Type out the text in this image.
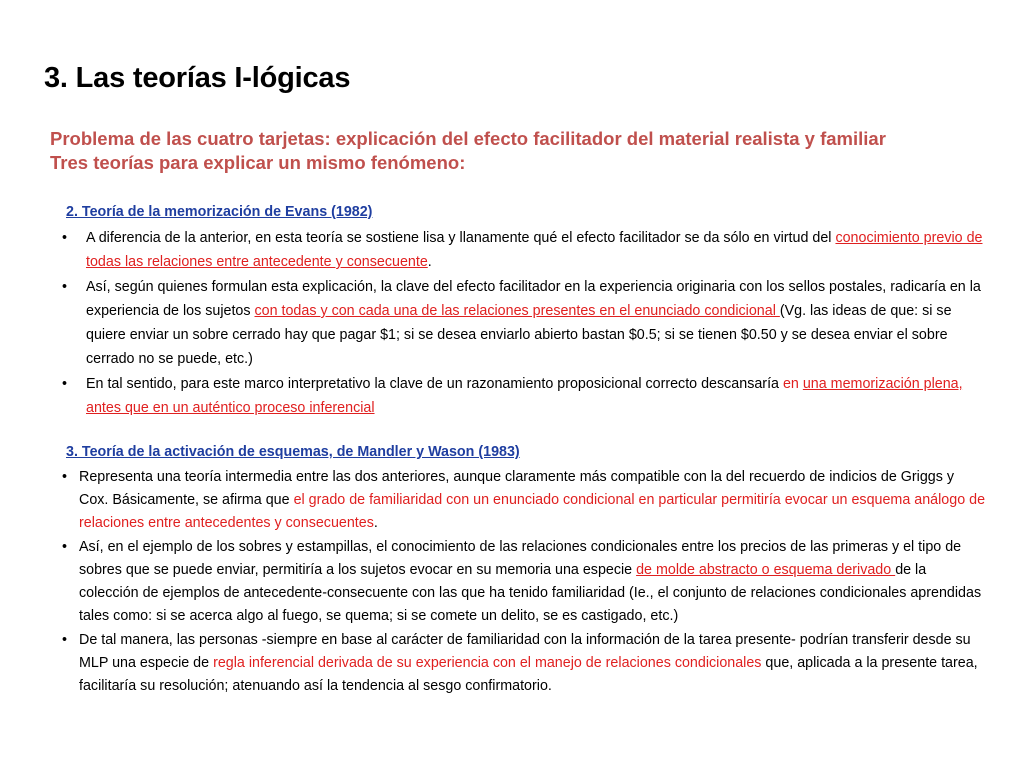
3. Las teorías I-lógicas
Problema de las cuatro tarjetas: explicación del efecto facilitador del material realista y familiar
Tres teorías para explicar un mismo fenómeno:

2. Teoría de la memorización de Evans (1982)

• A diferencia de la anterior, en esta teoría se sostiene lisa y llanamente qué el efecto facilitador se da sólo en virtud del conocimiento previo de todas las relaciones entre antecedente y consecuente.
• Así, según quienes formulan esta explicación, la clave del efecto facilitador en la experiencia originaria con los sellos postales, radicaría en la experiencia de los sujetos con todas y con cada una de las relaciones presentes en el enunciado condicional (Vg. las ideas de que: si se quiere enviar un sobre cerrado hay que pagar $1; si se desea enviarlo abierto bastan $0.5; si se tienen $0.50 y se desea enviar el sobre cerrado no se puede, etc.)
• En tal sentido, para este marco interpretativo la clave de un razonamiento proposicional correcto descansaría en una memorización plena, antes que en un auténtico proceso inferencial

3. Teoría de la activación de esquemas, de Mandler y Wason (1983)

• Representa una teoría intermedia entre las dos anteriores, aunque claramente más compatible con la del recuerdo de indicios de Griggs y Cox. Básicamente, se afirma que el grado de familiaridad con un enunciado condicional en particular permitiría evocar un esquema análogo de relaciones entre antecedentes y consecuentes.
• Así, en el ejemplo de los sobres y estampillas, el conocimiento de las relaciones condicionales entre los precios de las primeras y el tipo de sobres que se puede enviar, permitiría a los sujetos evocar en su memoria una especie de molde abstracto o esquema derivado de la colección de ejemplos de antecedente-consecuente con las que ha tenido familiaridad (Ie., el conjunto de relaciones condicionales aprendidas tales como: si se acerca algo al fuego, se quema; si se comete un delito, se es castigado, etc.)
• De tal manera, las personas -siempre en base al carácter de familiaridad con la información de la tarea presente- podrían transferir desde su MLP una especie de regla inferencial derivada de su experiencia con el manejo de relaciones condicionales que, aplicada a la presente tarea, facilitaría su resolución; atenuando así la tendencia al sesgo confirmatorio.
